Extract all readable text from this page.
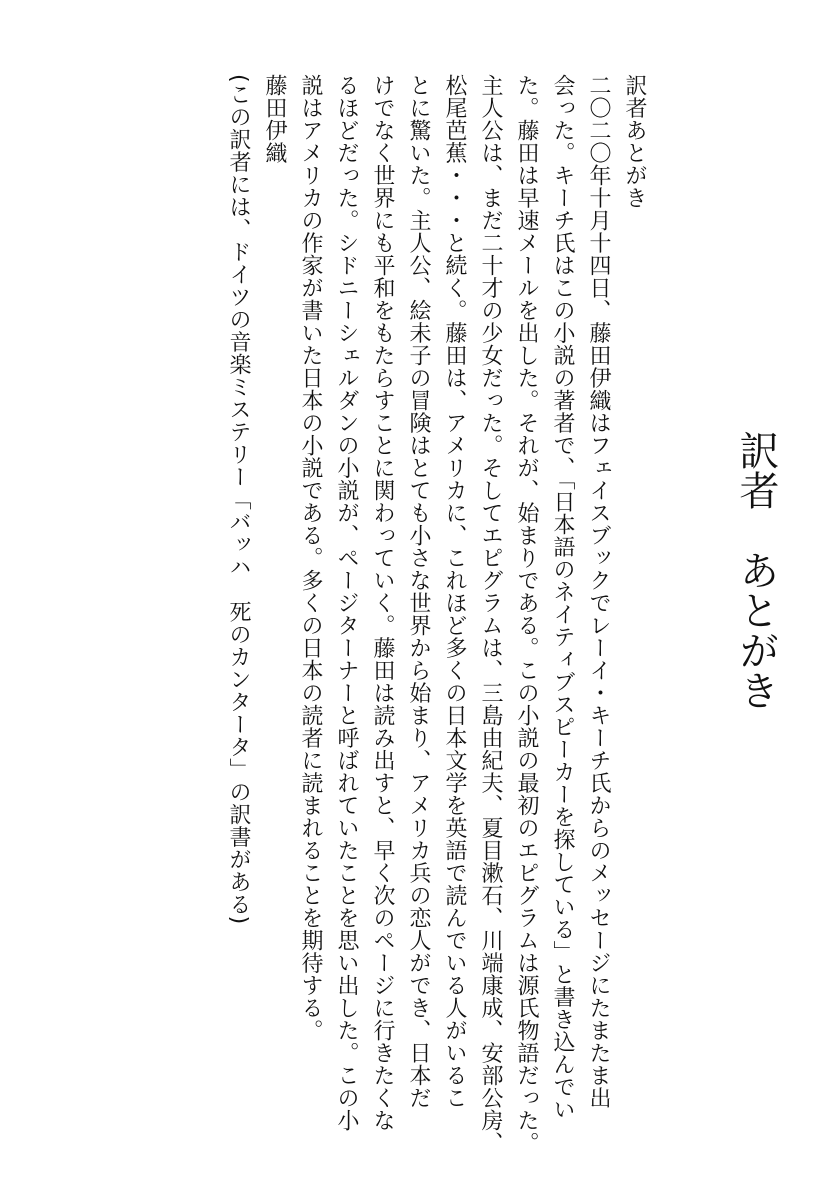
訳者　あとがき
訳者あとがき
二〇二〇年十月十四日、藤田伊織はフェイスブックでレーイ・キーチ氏からのメッセージにたまたま出
会った。キーチ氏はこの小説の著者で、「日本語のネイティブスピーカーを探している」と書き込んでい
た。藤田は早速メールを出した。それが、始まりである。この小説の最初のエピグラムは源氏物語だった。
主人公は、まだ二十才の少女だった。そしてエピグラムは、三島由紀夫、夏目漱石、川端康成、安部公房、
松尾芭蕉・・・と続く。藤田は、アメリカに、これほど多くの日本文学を英語で読んでいる人がいるこ
とに驚いた。主人公、絵未子の冒険はとても小さな世界から始まり、アメリカ兵の恋人ができ、日本だ
けでなく世界にも平和をもたらすことに関わっていく。藤田は読み出すと、早く次のページに行きたくな
るほどだった。シドニーシェルダンの小説が、ページターナーと呼ばれていたことを思い出した。この小
説はアメリカの作家が書いた日本の小説である。多くの日本の読者に読まれることを期待する。
藤田伊織
(この訳者には、ドイツの音楽ミステリー「バッハ　死のカンタータ」の訳書がある)
